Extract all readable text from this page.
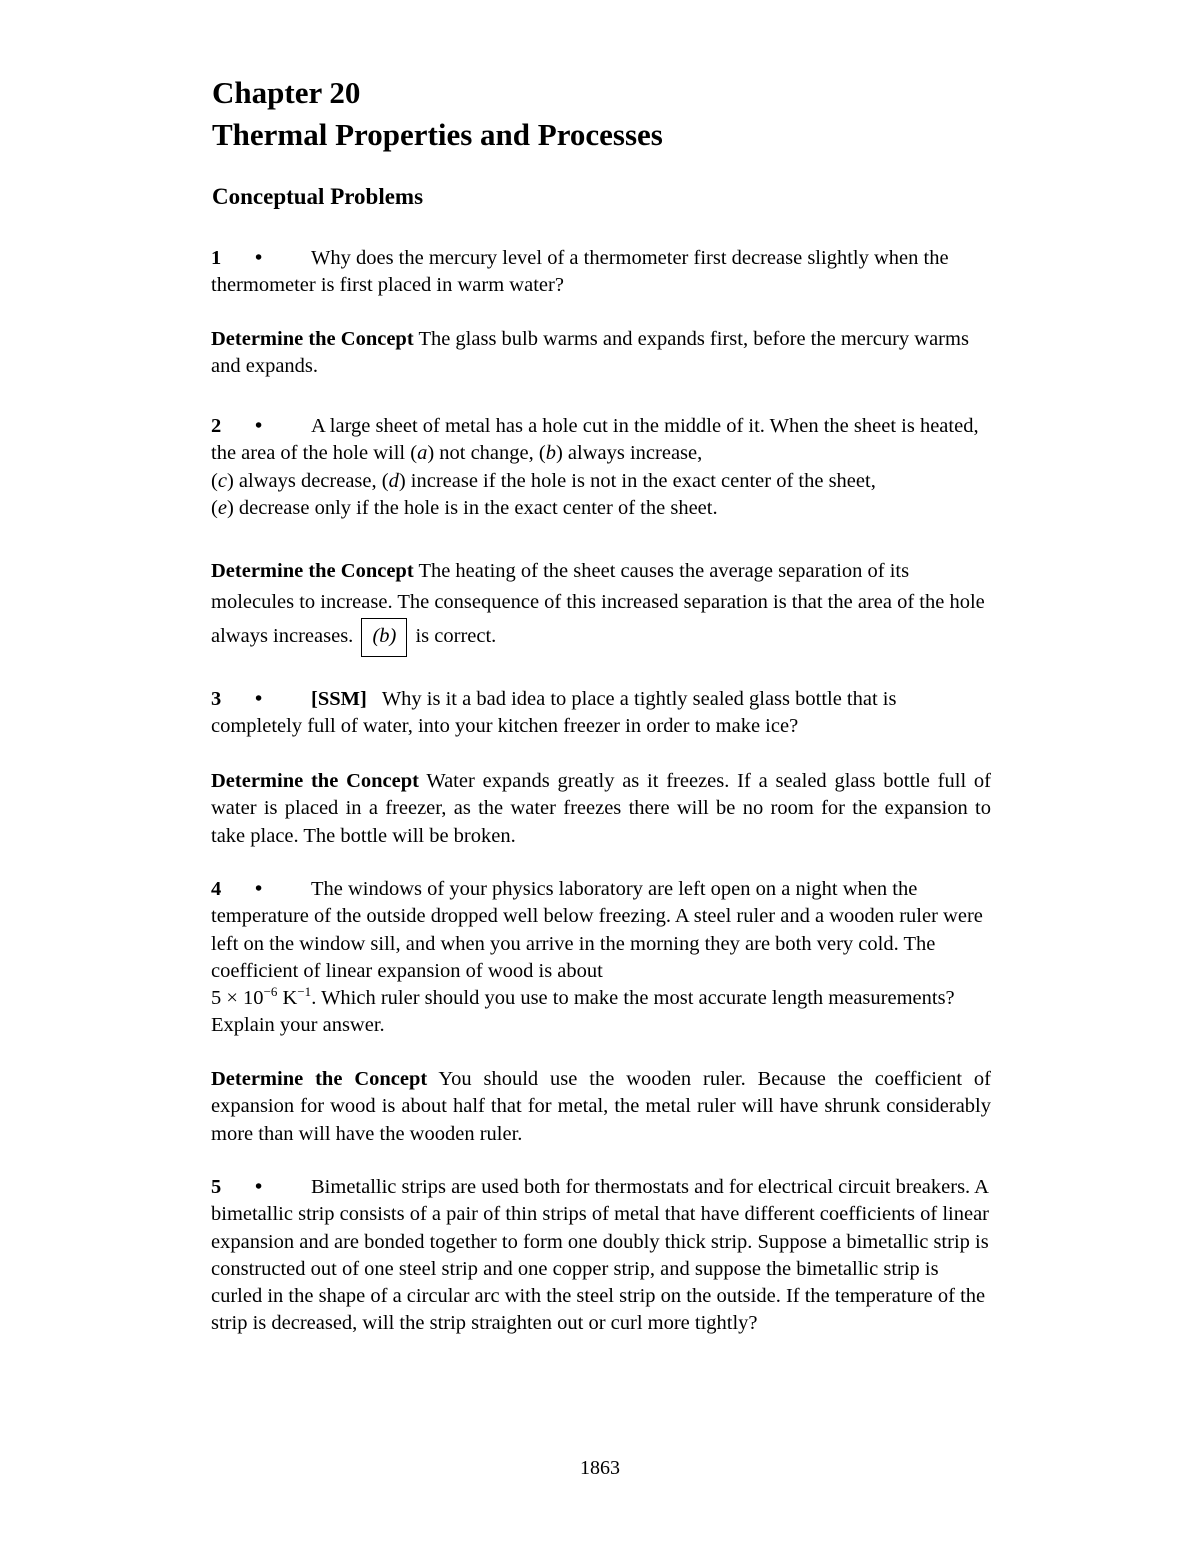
Chapter 20
Thermal Properties and Processes
Conceptual Problems

1 • Why does the mercury level of a thermometer first decrease slightly when the thermometer is first placed in warm water?

Determine the Concept The glass bulb warms and expands first, before the mercury warms and expands.

2 • A large sheet of metal has a hole cut in the middle of it. When the sheet is heated, the area of the hole will (a) not change, (b) always increase,
(c) always decrease, (d) increase if the hole is not in the exact center of the sheet,
(e) decrease only if the hole is in the exact center of the sheet.

Determine the Concept The heating of the sheet causes the average separation of its molecules to increase. The consequence of this increased separation is that the area of the hole always increases. (b) is correct.

3 • [SSM] Why is it a bad idea to place a tightly sealed glass bottle that is completely full of water, into your kitchen freezer in order to make ice?

Determine the Concept Water expands greatly as it freezes. If a sealed glass bottle full of water is placed in a freezer, as the water freezes there will be no room for the expansion to take place. The bottle will be broken.

4 • The windows of your physics laboratory are left open on a night when the temperature of the outside dropped well below freezing. A steel ruler and a wooden ruler were left on the window sill, and when you arrive in the morning they are both very cold. The coefficient of linear expansion of wood is about
$5 \times 10^{-6}$ $K^{-1}$. Which ruler should you use to make the most accurate length measurements? Explain your answer.

Determine the Concept You should use the wooden ruler. Because the coefficient of expansion for wood is about half that for metal, the metal ruler will have shrunk considerably more than will have the wooden ruler.

5 • Bimetallic strips are used both for thermostats and for electrical circuit breakers. A bimetallic strip consists of a pair of thin strips of metal that have different coefficients of linear expansion and are bonded together to form one doubly thick strip. Suppose a bimetallic strip is constructed out of one steel strip and one copper strip, and suppose the bimetallic strip is curled in the shape of a circular arc with the steel strip on the outside. If the temperature of the strip is decreased, will the strip straighten out or curl more tightly?

1863
